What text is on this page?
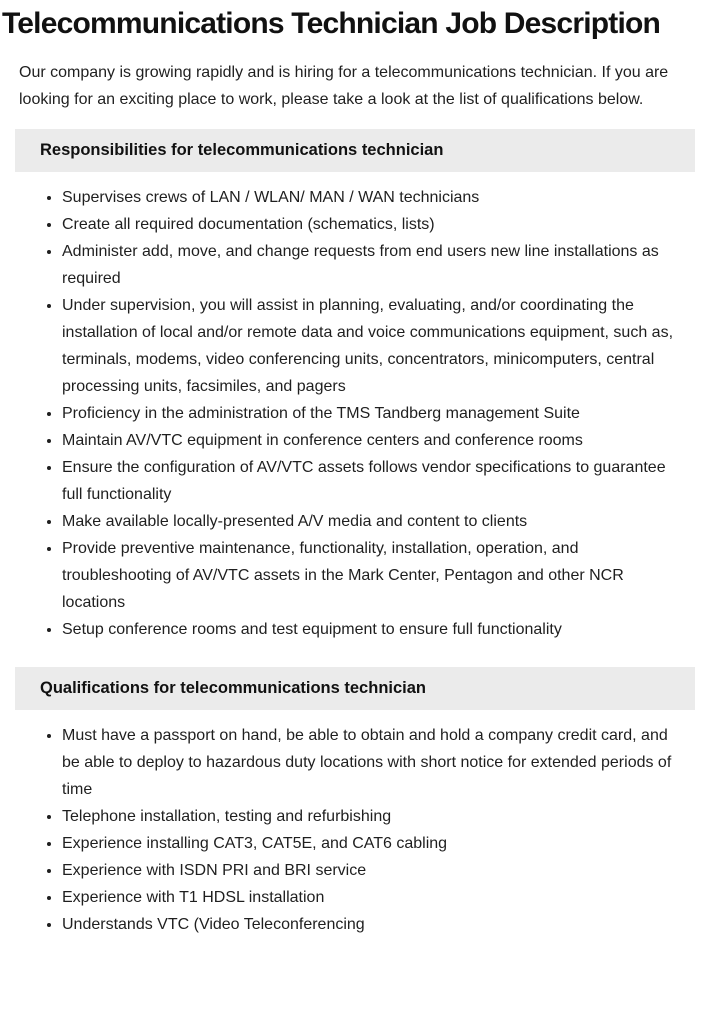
Telecommunications Technician Job Description

Our company is growing rapidly and is hiring for a telecommunications technician. If you are looking for an exciting place to work, please take a look at the list of qualifications below.

Responsibilities for telecommunications technician
• Supervises crews of LAN / WLAN/ MAN / WAN technicians
• Create all required documentation (schematics, lists)
• Administer add, move, and change requests from end users new line installations as required
• Under supervision, you will assist in planning, evaluating, and/or coordinating the installation of local and/or remote data and voice communications equipment, such as, terminals, modems, video conferencing units, concentrators, minicomputers, central processing units, facsimiles, and pagers
• Proficiency in the administration of the TMS Tandberg management Suite
• Maintain AV/VTC equipment in conference centers and conference rooms
• Ensure the configuration of AV/VTC assets follows vendor specifications to guarantee full functionality
• Make available locally-presented A/V media and content to clients
• Provide preventive maintenance, functionality, installation, operation, and troubleshooting of AV/VTC assets in the Mark Center, Pentagon and other NCR locations
• Setup conference rooms and test equipment to ensure full functionality
Qualifications for telecommunications technician
• Must have a passport on hand, be able to obtain and hold a company credit card, and be able to deploy to hazardous duty locations with short notice for extended periods of time
• Telephone installation, testing and refurbishing
• Experience installing CAT3, CAT5E, and CAT6 cabling
• Experience with ISDN PRI and BRI service
• Experience with T1 HDSL installation
• Understands VTC (Video Teleconferencing
